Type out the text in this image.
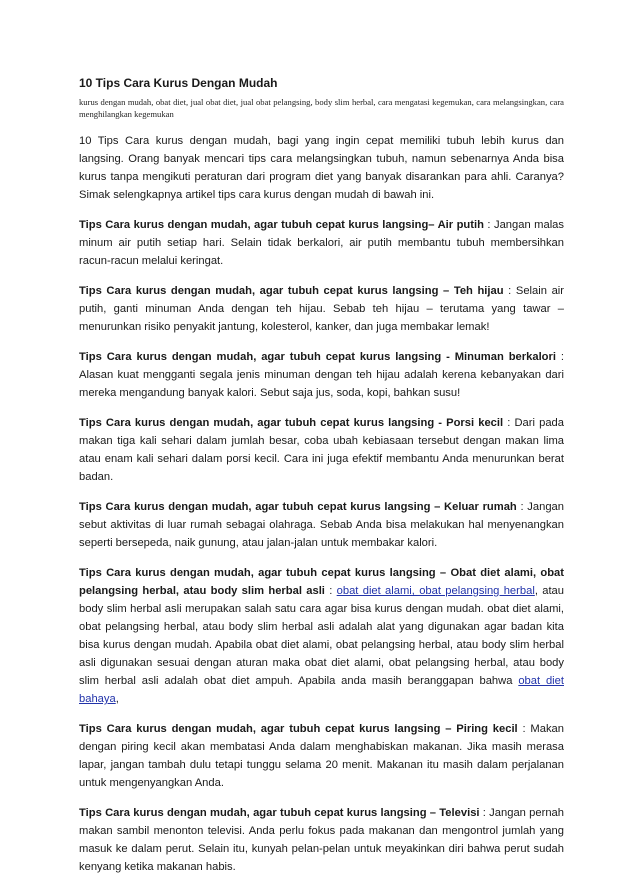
10 Tips Cara Kurus Dengan Mudah
kurus dengan mudah, obat diet, jual obat diet, jual obat pelangsing, body slim herbal, cara mengatasi kegemukan, cara melangsingkan, cara menghilangkan kegemukan

10 Tips Cara kurus dengan mudah, bagi yang ingin cepat memiliki tubuh lebih kurus dan langsing. Orang banyak mencari tips cara melangsingkan tubuh, namun sebenarnya Anda bisa kurus tanpa mengikuti peraturan dari program diet yang banyak disarankan para ahli. Caranya? Simak selengkapnya artikel tips cara kurus dengan mudah di bawah ini.

Tips Cara kurus dengan mudah, agar tubuh cepat kurus langsing– Air putih : Jangan malas minum air putih setiap hari. Selain tidak berkalori, air putih membantu tubuh membersihkan racun-racun melalui keringat.

Tips Cara kurus dengan mudah, agar tubuh cepat kurus langsing – Teh hijau : Selain air putih, ganti minuman Anda dengan teh hijau. Sebab teh hijau – terutama yang tawar – menurunkan risiko penyakit jantung, kolesterol, kanker, dan juga membakar lemak!

Tips Cara kurus dengan mudah, agar tubuh cepat kurus langsing - Minuman berkalori : Alasan kuat mengganti segala jenis minuman dengan teh hijau adalah kerena kebanyakan dari mereka mengandung banyak kalori. Sebut saja jus, soda, kopi, bahkan susu!

Tips Cara kurus dengan mudah, agar tubuh cepat kurus langsing - Porsi kecil : Dari pada makan tiga kali sehari dalam jumlah besar, coba ubah kebiasaan tersebut dengan makan lima atau enam kali sehari dalam porsi kecil. Cara ini juga efektif membantu Anda menurunkan berat badan.

Tips Cara kurus dengan mudah, agar tubuh cepat kurus langsing – Keluar rumah : Jangan sebut aktivitas di luar rumah sebagai olahraga. Sebab Anda bisa melakukan hal menyenangkan seperti bersepeda, naik gunung, atau jalan-jalan untuk membakar kalori.

Tips Cara kurus dengan mudah, agar tubuh cepat kurus langsing – Obat diet alami, obat pelangsing herbal, atau body slim herbal asli : obat diet alami, obat pelangsing herbal, atau body slim herbal asli merupakan salah satu cara agar bisa kurus dengan mudah. obat diet alami, obat pelangsing herbal, atau body slim herbal asli adalah alat yang digunakan agar badan kita bisa kurus dengan mudah. Apabila obat diet alami, obat pelangsing herbal, atau body slim herbal asli digunakan sesuai dengan aturan maka obat diet alami, obat pelangsing herbal, atau body slim herbal asli adalah obat diet ampuh. Apabila anda masih beranggapan bahwa obat diet bahaya,

Tips Cara kurus dengan mudah, agar tubuh cepat kurus langsing – Piring kecil : Makan dengan piring kecil akan membatasi Anda dalam menghabiskan makanan. Jika masih merasa lapar, jangan tambah dulu tetapi tunggu selama 20 menit. Makanan itu masih dalam perjalanan untuk mengenyangkan Anda.

Tips Cara kurus dengan mudah, agar tubuh cepat kurus langsing – Televisi : Jangan pernah makan sambil menonton televisi. Anda perlu fokus pada makanan dan mengontrol jumlah yang masuk ke dalam perut. Selain itu, kunyah pelan-pelan untuk meyakinkan diri bahwa perut sudah kenyang ketika makanan habis.
